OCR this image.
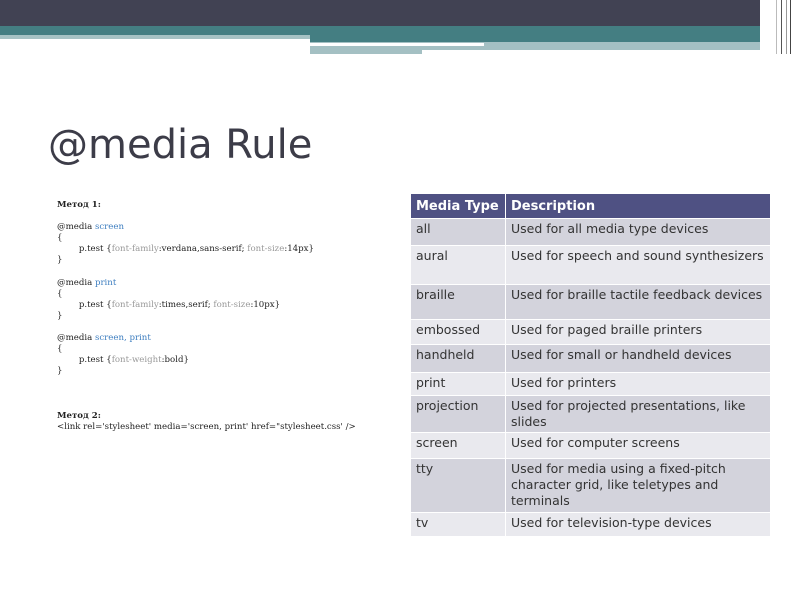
@media Rule
Метод 1:
@media screen
{
p.test {font-family:verdana,sans-serif; font-size:14px}
}
@media print
{
p.test {font-family:times,serif; font-size:10px}
}
@media screen, print
{
p.test {font-weight:bold}
}
Метод 2:
<link rel='stylesheet' media='screen, print' href="stylesheet.css' />
Media Type	Description
all	Used for all media type devices
aural	Used for speech and sound synthesizers
braille	Used for braille tactile feedback devices
embossed	Used for paged braille printers
handheld	Used for small or handheld devices
print	Used for printers
projection	Used for projected presentations, like slides
screen	Used for computer screens
tty	Used for media using a fixed-pitch character grid, like teletypes and terminals
tv	Used for television-type devices
